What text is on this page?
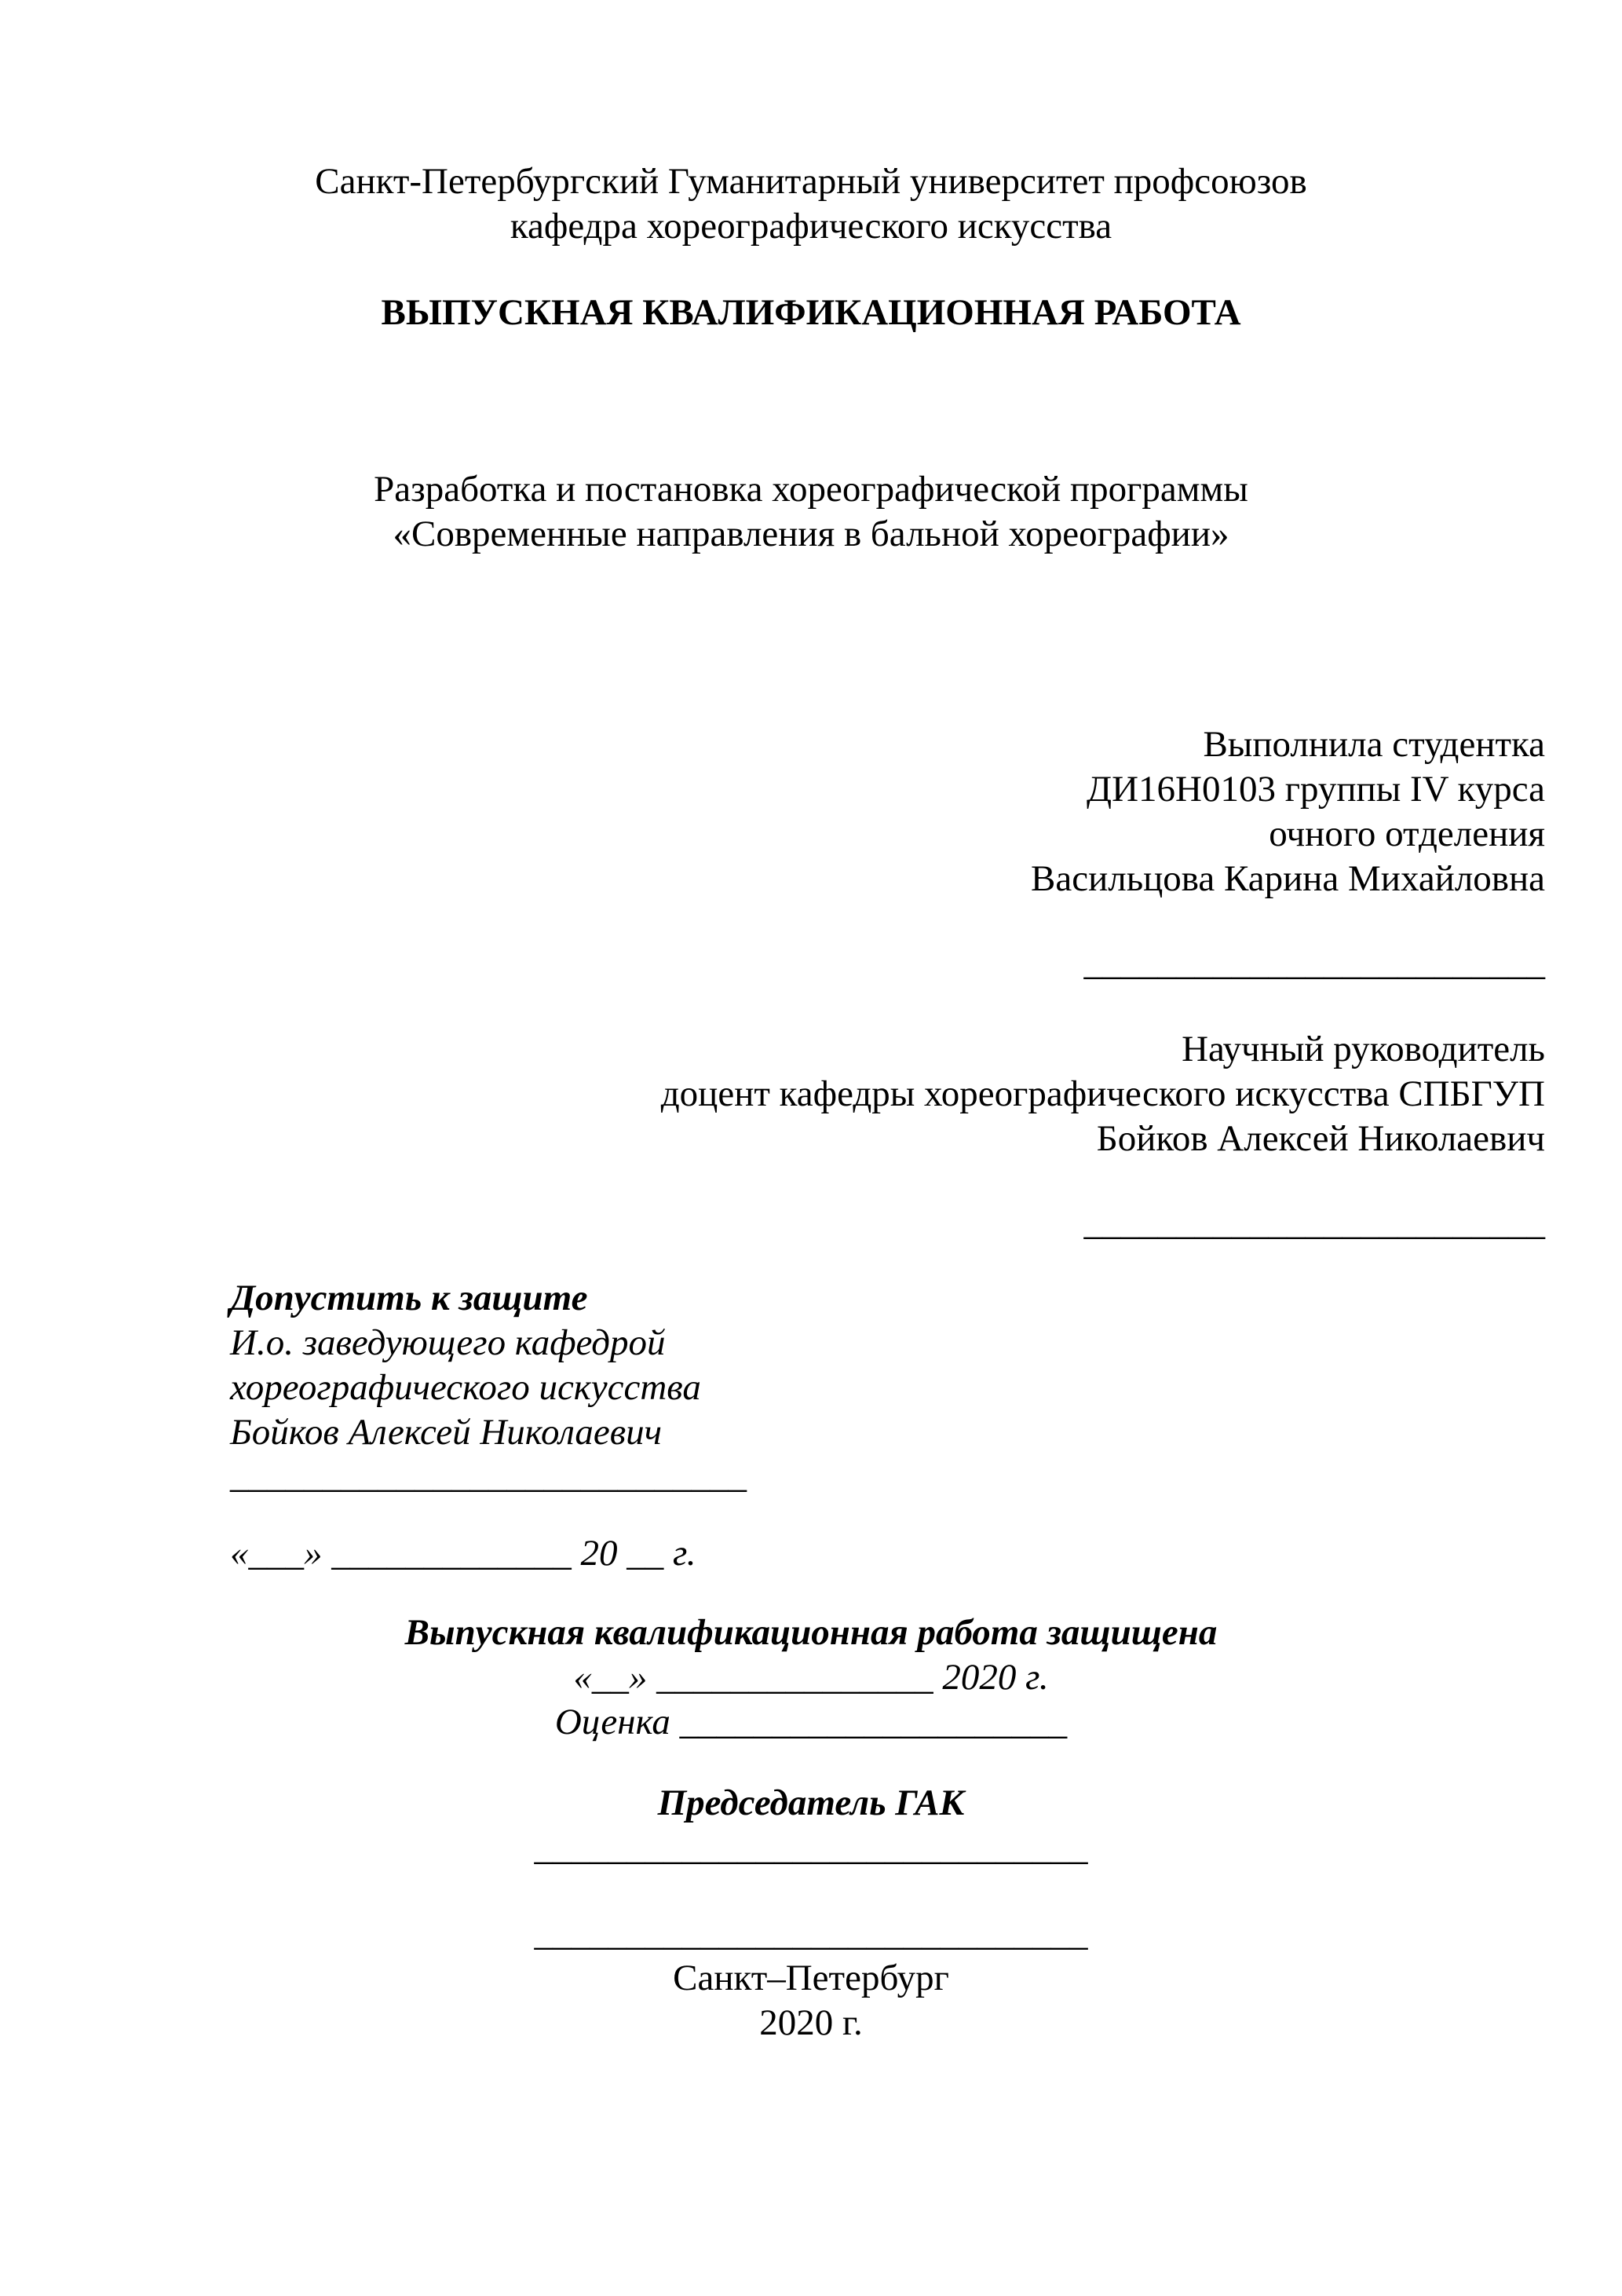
Санкт-Петербургский Гуманитарный университет профсоюзов
кафедра хореографического искусства
ВЫПУСКНАЯ КВАЛИФИКАЦИОННАЯ РАБОТА
Разработка и постановка хореографической программы
«Современные направления в бальной хореографии»
Выполнила студентка
ДИ16Н0103 группы IV курса
очного отделения
Васильцова Карина Михайловна
_________________________
Научный руководитель
доцент кафедры хореографического искусства СПБГУП
Бойков Алексей Николаевич
_________________________
Допустить к защите
И.о. заведующего кафедрой
хореографического искусства
Бойков Алексей Николаевич
____________________________
«___» _____________ 20 __ г.
Выпускная квалификационная работа защищена
«__» _______________ 2020 г.
Оценка _____________________
Председатель ГАК
______________________________
______________________________
Санкт–Петербург
2020 г.
